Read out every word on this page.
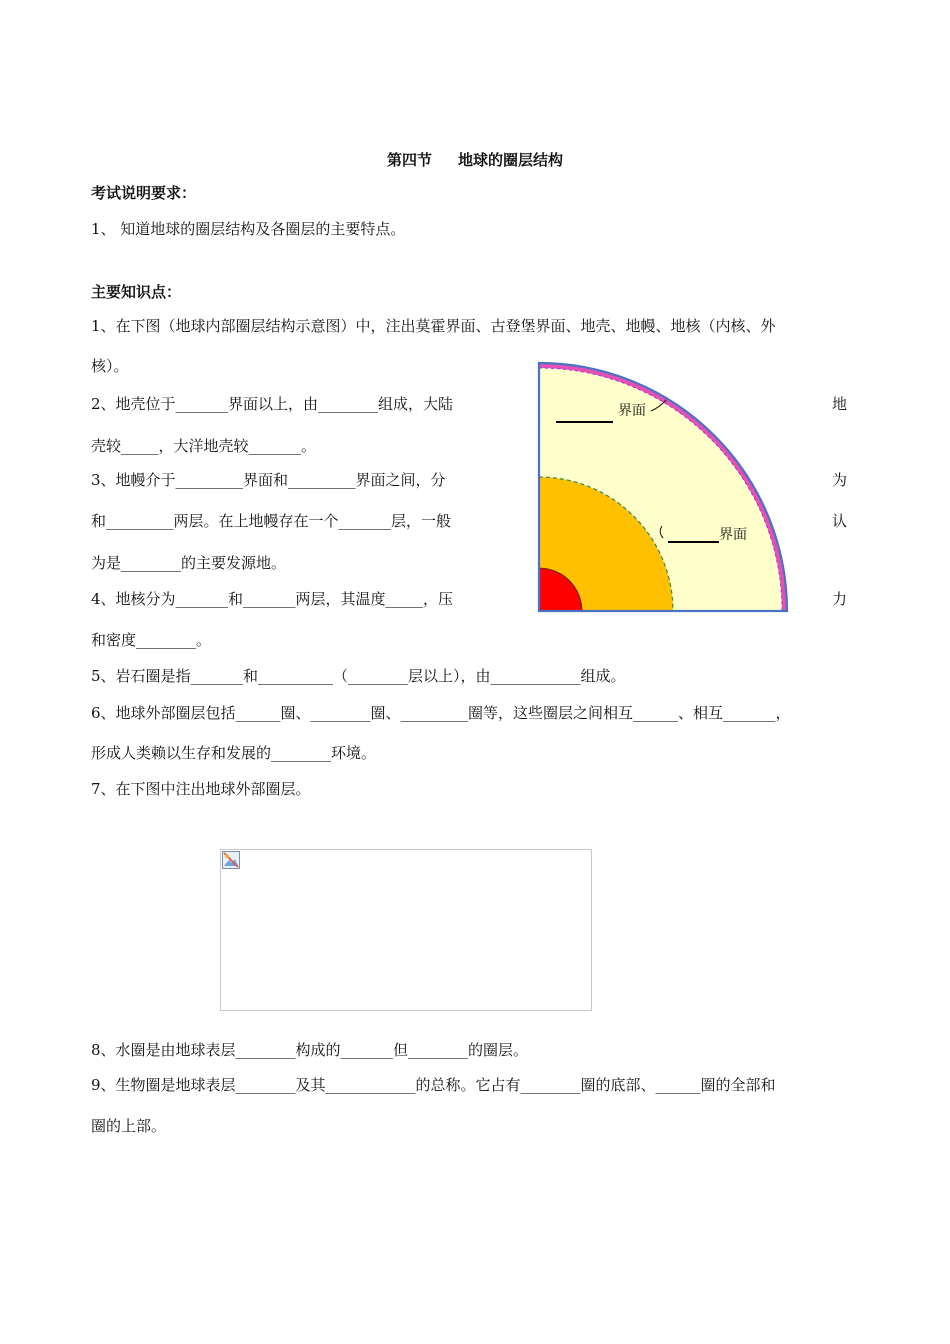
第四节 地球的圈层结构
考试说明要求：
1、 知道地球的圈层结构及各圈层的主要特点。
主要知识点：
1、在下图（地球内部圈层结构示意图）中，注出莫霍界面、古登堡界面、地壳、地幔、地核（内核、外
核）。
2、地壳位于_______界面以上，由________组成，大陆	地
壳较_____，大洋地壳较_______。
3、地幔介于_________界面和_________界面之间，分	为
和_________两层。在上地幔存在一个_______层，一般	认
为是________的主要发源地。
4、地核分为_______和_______两层，其温度_____，压	力
和密度________。
5、岩石圈是指_______和__________（________层以上），由____________组成。
6、地球外部圈层包括______圈、________圈、_________圈等，这些圈层之间相互______、相互_______，
形成人类赖以生存和发展的________环境。
7、在下图中注出地球外部圈层。
界面
界面
8、水圈是由地球表层________构成的_______但________的圈层。
9、生物圈是地球表层________及其____________的总称。它占有________圈的底部、______圈的全部和
圈的上部。
